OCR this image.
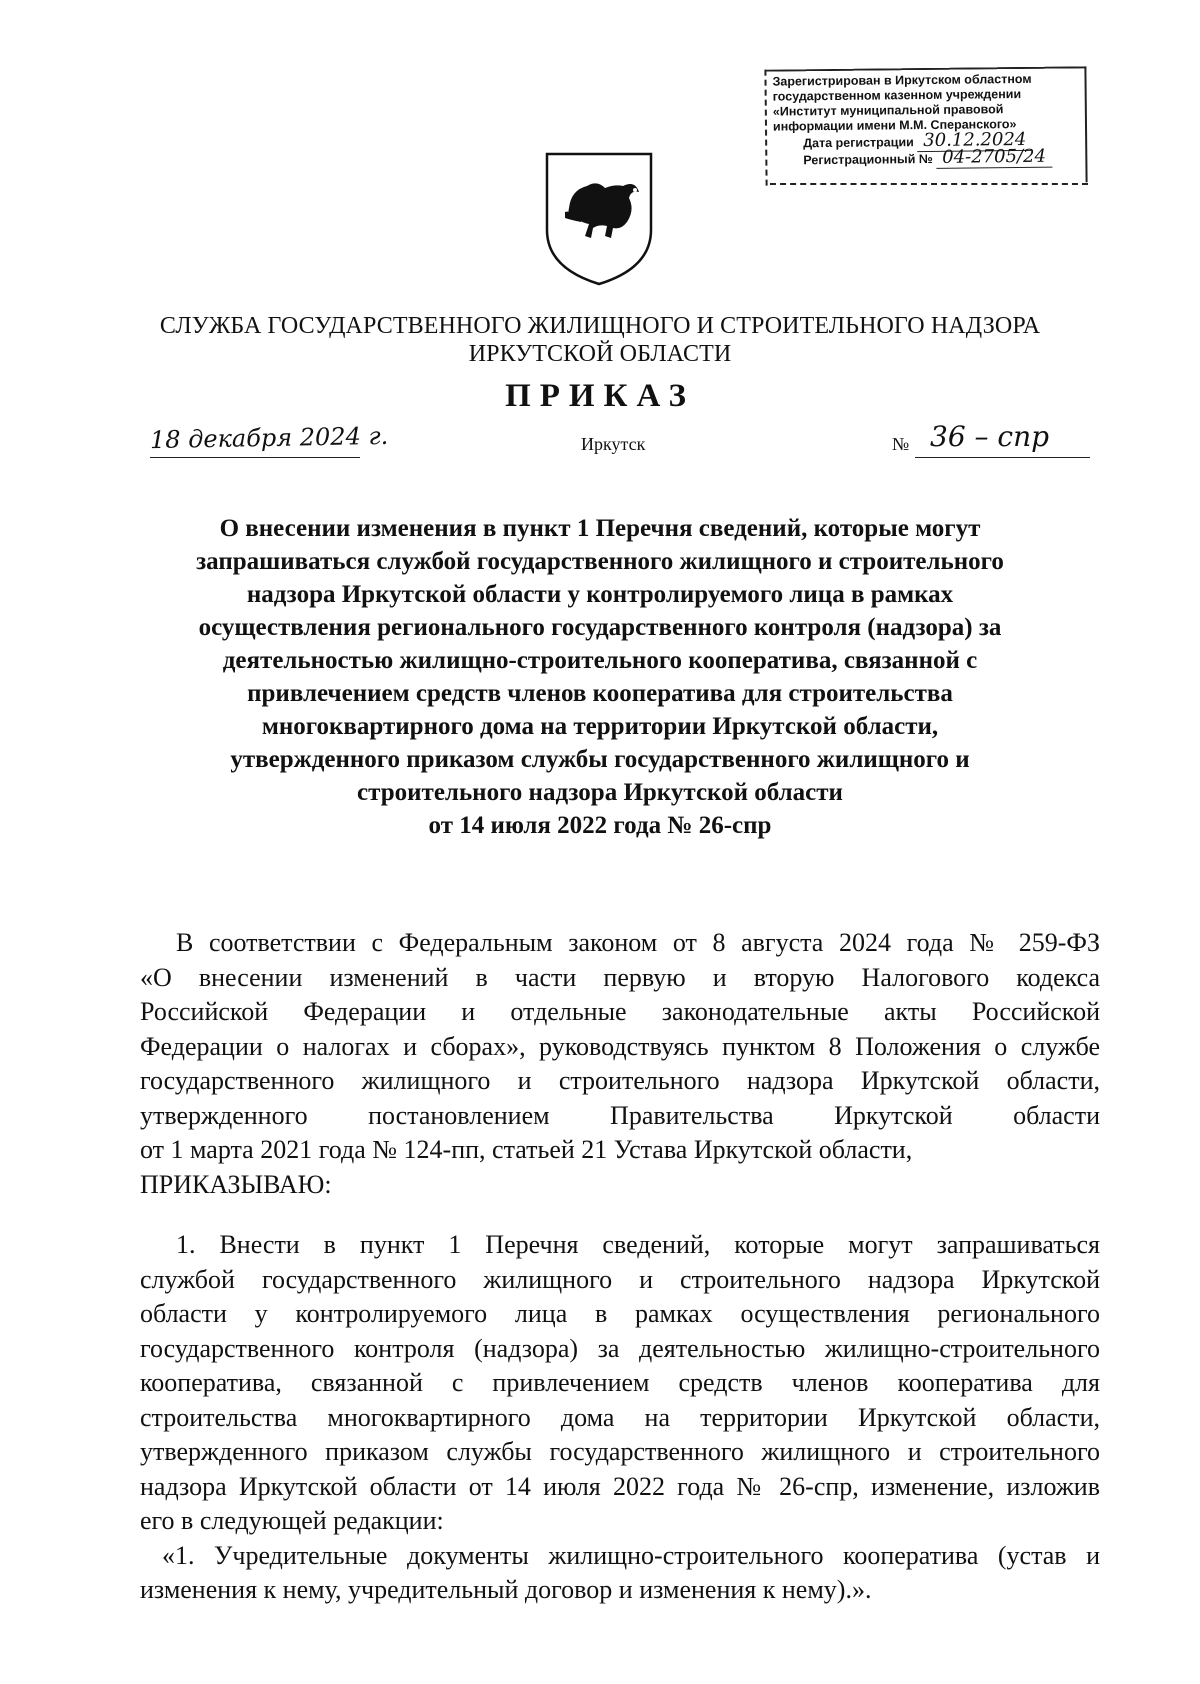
Зарегистрирован в Иркутском областном
государственном казенном учреждении
«Институт муниципальной правовой
информации имени М.М. Сперанского»
Дата регистрации 30.12.2024
Регистрационный № 04-2705/24
СЛУЖБА ГОСУДАРСТВЕННОГО ЖИЛИЩНОГО И СТРОИТЕЛЬНОГО НАДЗОРА
ИРКУТСКОЙ ОБЛАСТИ
ПРИКАЗ
18 декабря 2024 г.	Иркутск	№ 36 – спр
О внесении изменения в пункт 1 Перечня сведений, которые могут
запрашиваться службой государственного жилищного и строительного
надзора Иркутской области у контролируемого лица в рамках
осуществления регионального государственного контроля (надзора) за
деятельностью жилищно-строительного кооператива, связанной с
привлечением средств членов кооператива для строительства
многоквартирного дома на территории Иркутской области,
утвержденного приказом службы государственного жилищного и
строительного надзора Иркутской области
от 14 июля 2022 года № 26-спр
В соответствии с Федеральным законом от 8 августа 2024 года № 259-ФЗ
«О внесении изменений в части первую и вторую Налогового кодекса
Российской Федерации и отдельные законодательные акты Российской
Федерации о налогах и сборах», руководствуясь пунктом 8 Положения о службе
государственного жилищного и строительного надзора Иркутской области,
утвержденного постановлением Правительства Иркутской области
от 1 марта 2021 года № 124-пп, статьей 21 Устава Иркутской области,
ПРИКАЗЫВАЮ:
1. Внести в пункт 1 Перечня сведений, которые могут запрашиваться
службой государственного жилищного и строительного надзора Иркутской
области у контролируемого лица в рамках осуществления регионального
государственного контроля (надзора) за деятельностью жилищно-строительного
кооператива, связанной с привлечением средств членов кооператива для
строительства многоквартирного дома на территории Иркутской области,
утвержденного приказом службы государственного жилищного и строительного
надзора Иркутской области от 14 июля 2022 года № 26-спр, изменение, изложив
его в следующей редакции:
«1. Учредительные документы жилищно-строительного кооператива (устав и
изменения к нему, учредительный договор и изменения к нему).».
